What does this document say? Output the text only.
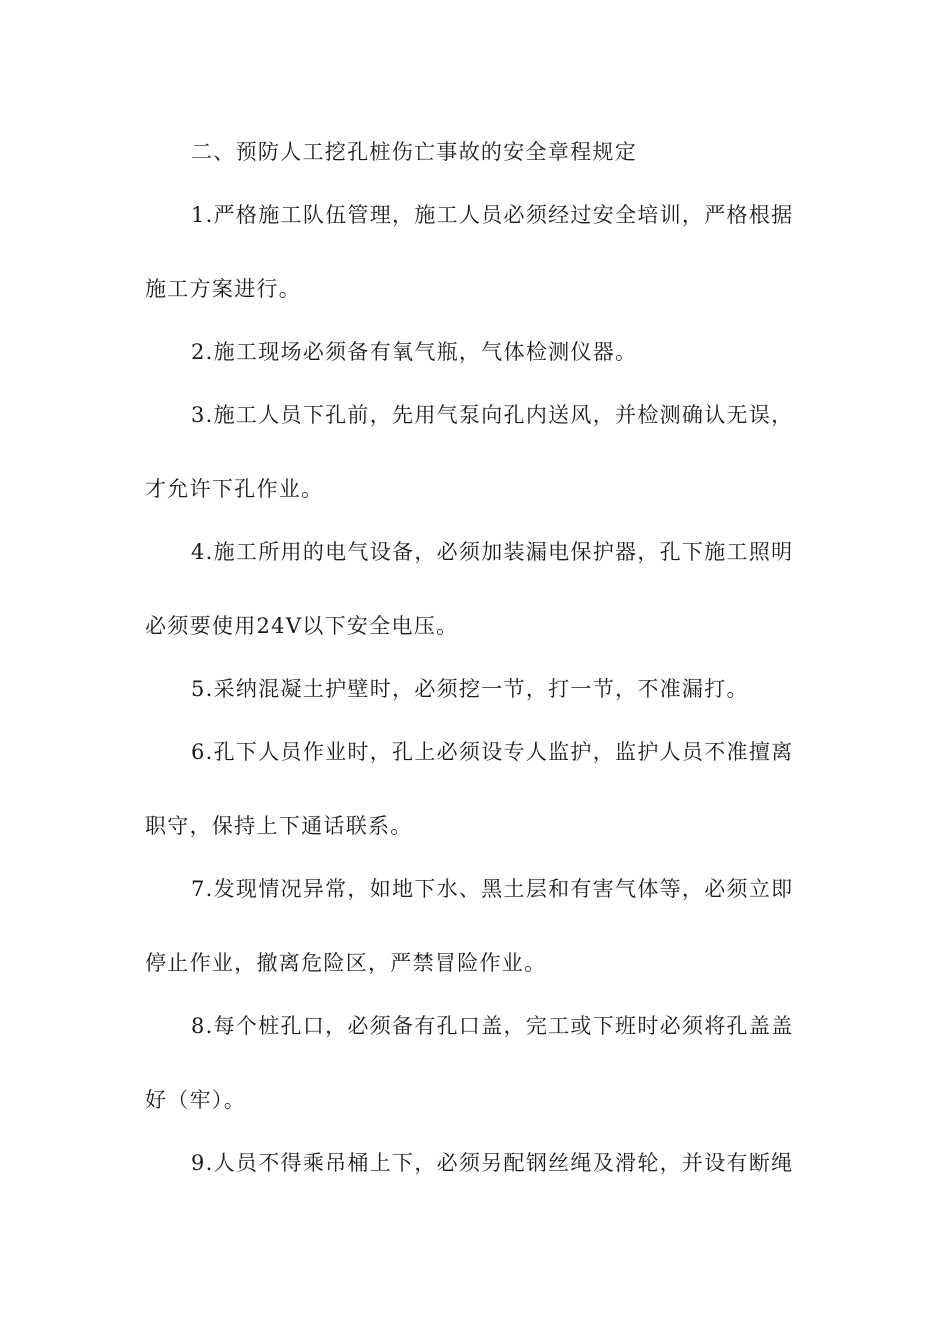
二、预防人工挖孔桩伤亡事故的安全章程规定

1.严格施工队伍管理，施工人员必须经过安全培训，严格根据

施工方案进行。

2.施工现场必须备有氧气瓶，气体检测仪器。

3.施工人员下孔前，先用气泵向孔内送风，并检测确认无误，

才允许下孔作业。

4.施工所用的电气设备，必须加装漏电保护器，孔下施工照明

必须要使用24V以下安全电压。

5.采纳混凝土护壁时，必须挖一节，打一节，不准漏打。

6.孔下人员作业时，孔上必须设专人监护，监护人员不准擅离

职守，保持上下通话联系。

7.发现情况异常，如地下水、黑土层和有害气体等，必须立即

停止作业，撤离危险区，严禁冒险作业。

8.每个桩孔口，必须备有孔口盖，完工或下班时必须将孔盖盖

好（牢）。

9.人员不得乘吊桶上下，必须另配钢丝绳及滑轮，并设有断绳
